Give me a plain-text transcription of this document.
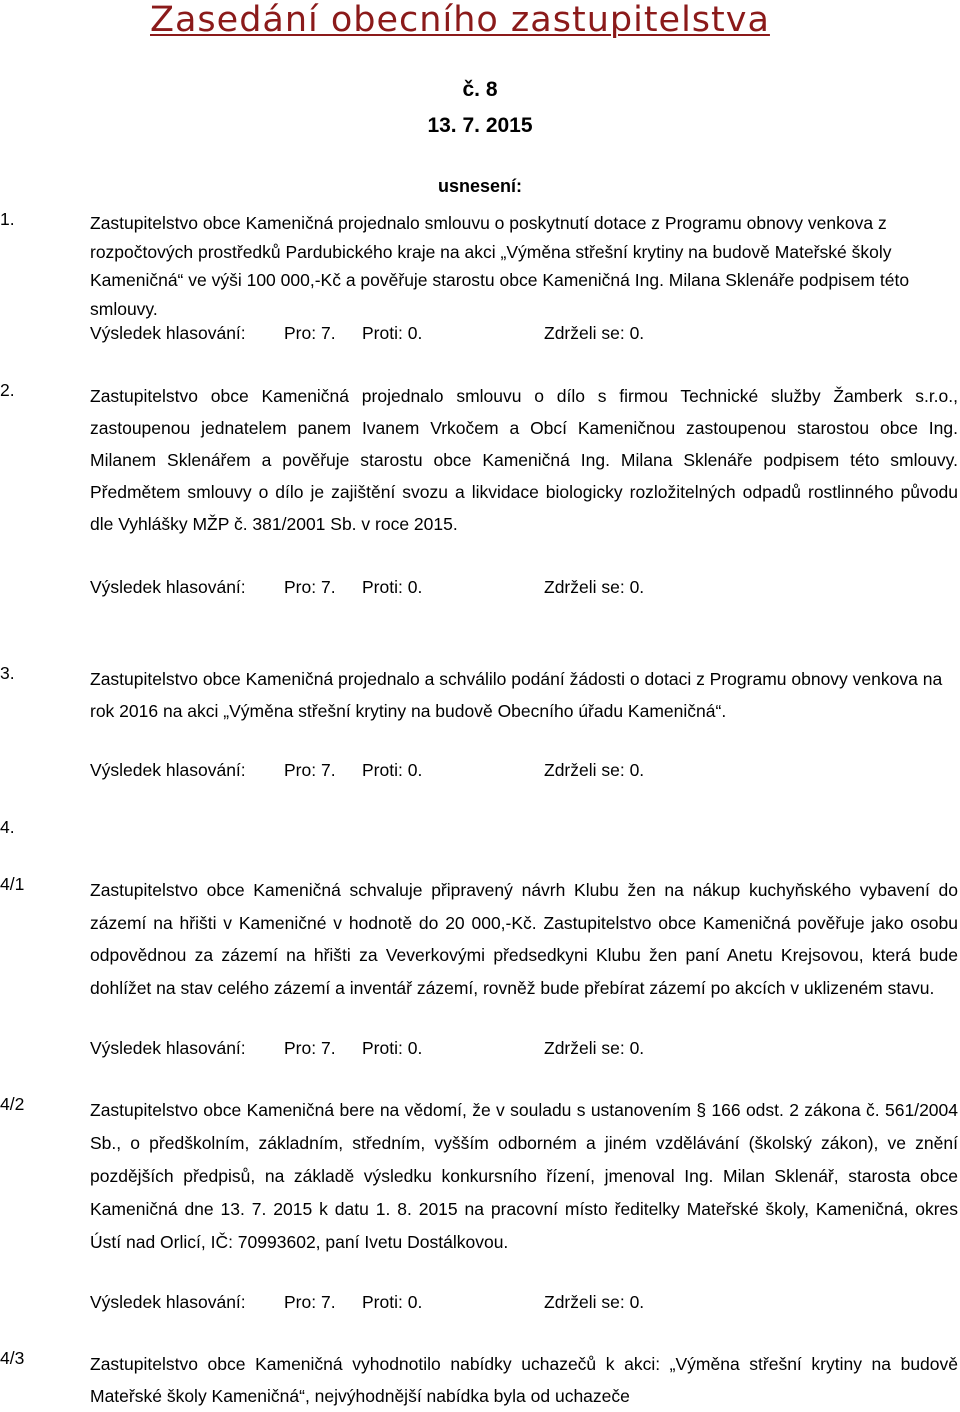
Zasedání obecního zastupitelstva

č. 8

13. 7. 2015

usnesení:

1.	Zastupitelstvo obce Kameničná projednalo smlouvu o poskytnutí dotace z Programu obnovy venkova z rozpočtových prostředků Pardubického kraje na akci „Výměna střešní krytiny na budově Mateřské školy Kameničná“ ve výši 100 000,-Kč a pověřuje starostu obce Kameničná Ing. Milana Sklenáře podpisem této smlouvy.
Výsledek hlasování: Pro: 7. Proti: 0.	Zdrželi se: 0.
2.	Zastupitelstvo obce Kameničná projednalo smlouvu o dílo s firmou Technické služby Žamberk s.r.o., zastoupenou jednatelem panem Ivanem Vrkočem a Obcí Kameničnou zastoupenou starostou obce Ing. Milanem Sklenářem a pověřuje starostu obce Kameničná Ing. Milana Sklenáře podpisem této smlouvy. Předmětem smlouvy o dílo je zajištění svozu a likvidace biologicky rozložitelných odpadů rostlinného původu dle Vyhlášky MŽP č. 381/2001 Sb. v roce 2015.
Výsledek hlasování: Pro: 7. Proti: 0.	Zdrželi se: 0.
3.	Zastupitelstvo obce Kameničná projednalo a schválilo podání žádosti o dotaci z Programu obnovy venkova na rok 2016 na akci „Výměna střešní krytiny na budově Obecního úřadu Kameničná“.
Výsledek hlasování: Pro: 7. Proti: 0.	Zdrželi se: 0.
4.
4/1	Zastupitelstvo obce Kameničná schvaluje připravený návrh Klubu žen na nákup kuchyňského vybavení do zázemí na hřišti v Kameničné v hodnotě do 20 000,-Kč. Zastupitelstvo obce Kameničná pověřuje jako osobu odpovědnou za zázemí na hřišti za Veverkovými předsedkyni Klubu žen paní Anetu Krejsovou, která bude dohlížet na stav celého zázemí a inventář zázemí, rovněž bude přebírat zázemí po akcích v uklizeném stavu.
Výsledek hlasování: Pro: 7. Proti: 0.	Zdrželi se: 0.
4/2	Zastupitelstvo obce Kameničná bere na vědomí, že v souladu s ustanovením § 166 odst. 2 zákona č. 561/2004 Sb., o předškolním, základním, středním, vyšším odborném a jiném vzdělávání (školský zákon), ve znění pozdějších předpisů, na základě výsledku konkursního řízení, jmenoval Ing. Milan Sklenář, starosta obce Kameničná dne 13. 7. 2015 k datu 1. 8. 2015 na pracovní místo ředitelky Mateřské školy, Kameničná, okres Ústí nad Orlicí, IČ: 70993602, paní Ivetu Dostálkovou.
Výsledek hlasování: Pro: 7. Proti: 0.	Zdrželi se: 0.
4/3	Zastupitelstvo obce Kameničná vyhodnotilo nabídky uchazečů k akci: „Výměna střešní krytiny na budově Mateřské školy Kameničná“, nejvýhodnější nabídka byla od uchazeče
